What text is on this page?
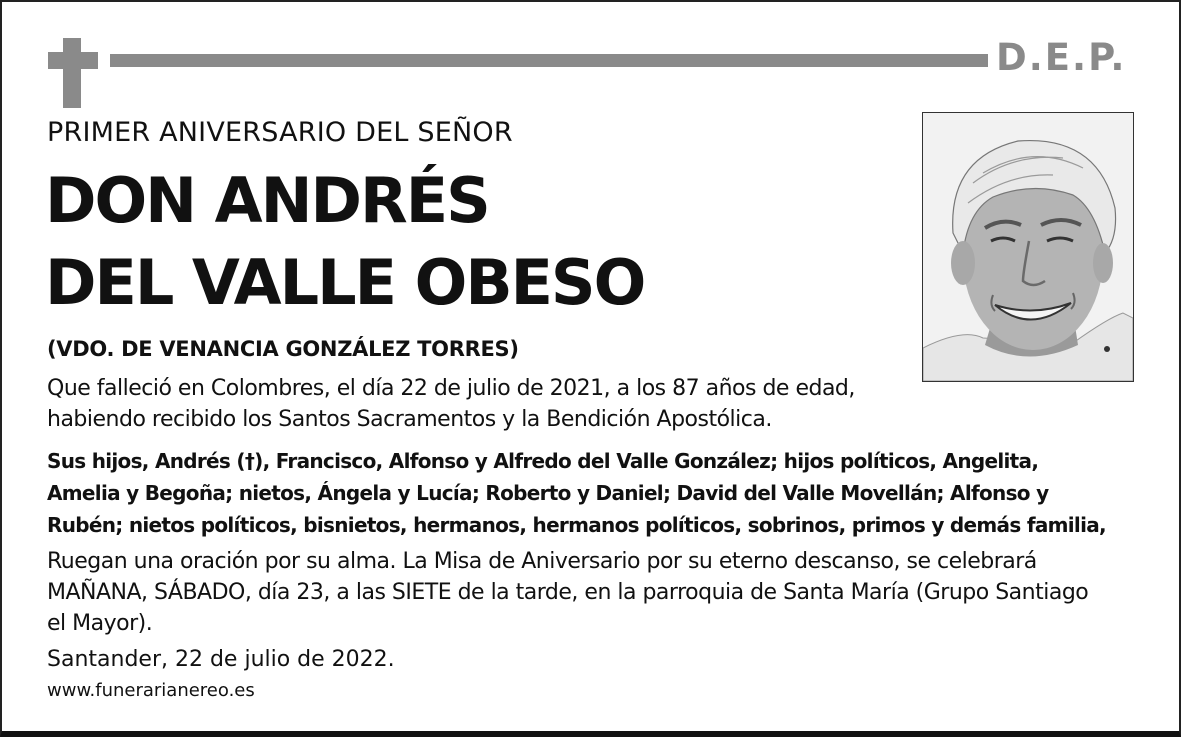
D.E.P.
PRIMER ANIVERSARIO DEL SEÑOR
DON ANDRÉS
DEL VALLE OBESO
(VDO. DE VENANCIA GONZÁLEZ TORRES)
Que falleció en Colombres, el día 22 de julio de 2021, a los 87 años de edad,
habiendo recibido los Santos Sacramentos y la Bendición Apostólica.
Sus hijos, Andrés (†), Francisco, Alfonso y Alfredo del Valle González; hijos políticos, Angelita,
Amelia y Begoña; nietos, Ángela y Lucía; Roberto y Daniel; David del Valle Movellán; Alfonso y
Rubén; nietos políticos, bisnietos, hermanos, hermanos políticos, sobrinos, primos y demás familia,
Ruegan una oración por su alma. La Misa de Aniversario por su eterno descanso, se celebrará
MAÑANA, SÁBADO, día 23, a las SIETE de la tarde, en la parroquia de Santa María (Grupo Santiago
el Mayor).
Santander, 22 de julio de 2022.
www.funerarianereo.es
